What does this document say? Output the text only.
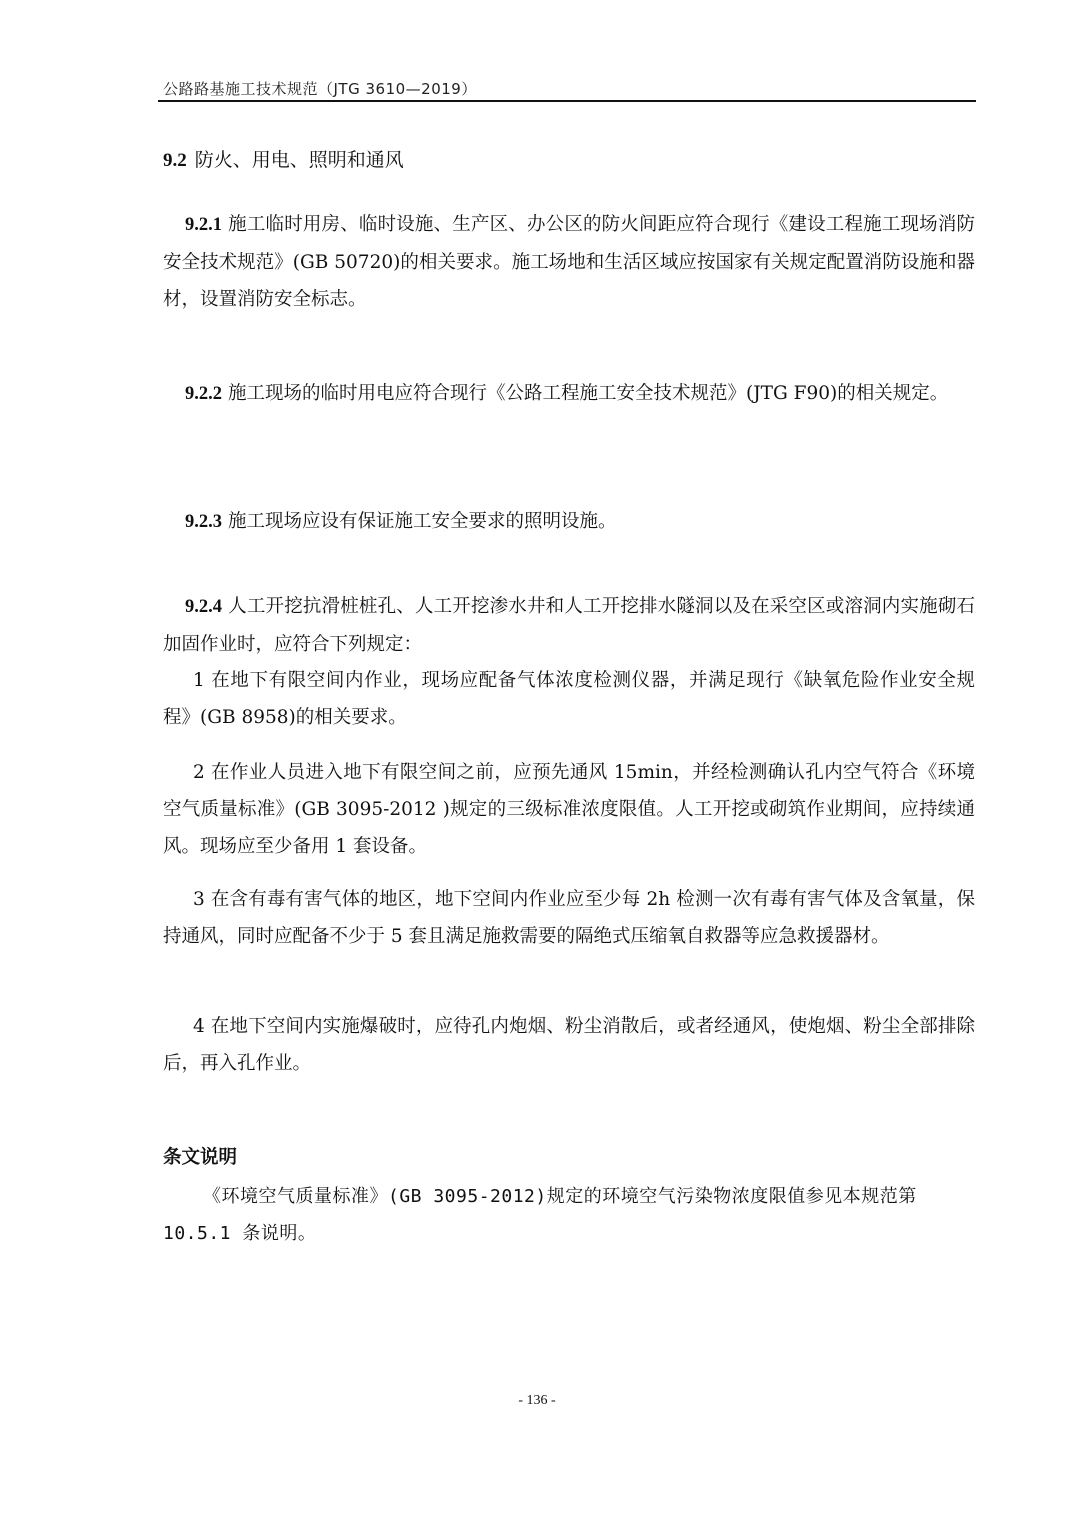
公路路基施工技术规范（JTG 3610—2019）
9.2 防火、用电、照明和通风
9.2.1 施工临时用房、临时设施、生产区、办公区的防火间距应符合现行《建设工程施工现场消防安全技术规范》(GB 50720)的相关要求。施工场地和生活区域应按国家有关规定配置消防设施和器材，设置消防安全标志。
9.2.2 施工现场的临时用电应符合现行《公路工程施工安全技术规范》(JTG F90)的相关规定。
9.2.3 施工现场应设有保证施工安全要求的照明设施。
9.2.4 人工开挖抗滑桩桩孔、人工开挖渗水井和人工开挖排水隧洞以及在采空区或溶洞内实施砌石加固作业时，应符合下列规定：
1 在地下有限空间内作业，现场应配备气体浓度检测仪器，并满足现行《缺氧危险作业安全规程》(GB 8958)的相关要求。
2 在作业人员进入地下有限空间之前，应预先通风 15min，并经检测确认孔内空气符合《环境空气质量标准》(GB 3095-2012 )规定的三级标准浓度限值。人工开挖或砌筑作业期间，应持续通风。现场应至少备用 1 套设备。
3 在含有毒有害气体的地区，地下空间内作业应至少每 2h 检测一次有毒有害气体及含氧量，保持通风，同时应配备不少于 5 套且满足施救需要的隔绝式压缩氧自救器等应急救援器材。
4 在地下空间内实施爆破时，应待孔内炮烟、粉尘消散后，或者经通风，使炮烟、粉尘全部排除后，再入孔作业。
条文说明
《环境空气质量标准》(GB 3095-2012)规定的环境空气污染物浓度限值参见本规范第 10.5.1 条说明。
- 136 -
